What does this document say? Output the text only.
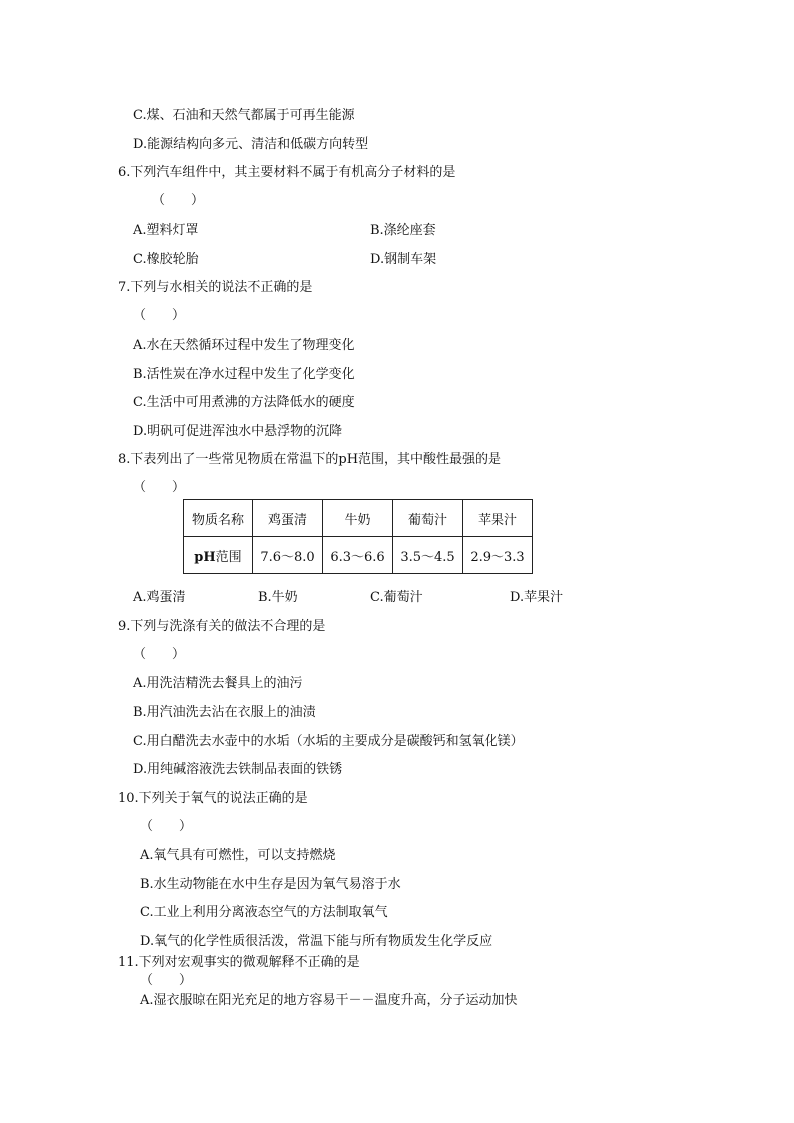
C.煤、石油和天然气都属于可再生能源
D.能源结构向多元、清洁和低碳方向转型
6.下列汽车组件中，其主要材料不属于有机高分子材料的是
（　　）
A.塑料灯罩	B.涤纶座套
C.橡胶轮胎	D.钢制车架
7.下列与水相关的说法不正确的是
（　　）
A.水在天然循环过程中发生了物理变化
B.活性炭在净水过程中发生了化学变化
C.生活中可用煮沸的方法降低水的硬度
D.明矾可促进浑浊水中悬浮物的沉降
8.下表列出了一些常见物质在常温下的pH范围，其中酸性最强的是
（　　）
物质名称	鸡蛋清	牛奶	葡萄汁	苹果汁
pH范围	7.6～8.0	6.3～6.6	3.5～4.5	2.9～3.3
A.鸡蛋清	B.牛奶	C.葡萄汁	D.苹果汁
9.下列与洗涤有关的做法不合理的是
（　　）
A.用洗洁精洗去餐具上的油污
B.用汽油洗去沾在衣服上的油渍
C.用白醋洗去水壶中的水垢（水垢的主要成分是碳酸钙和氢氧化镁）
D.用纯碱溶液洗去铁制品表面的铁锈
10.下列关于氧气的说法正确的是
（　　）
A.氧气具有可燃性，可以支持燃烧
B.水生动物能在水中生存是因为氧气易溶于水
C.工业上利用分离液态空气的方法制取氧气
D.氧气的化学性质很活泼，常温下能与所有物质发生化学反应
11.下列对宏观事实的微观解释不正确的是
（　　）
A.湿衣服晾在阳光充足的地方容易干－－温度升高，分子运动加快
